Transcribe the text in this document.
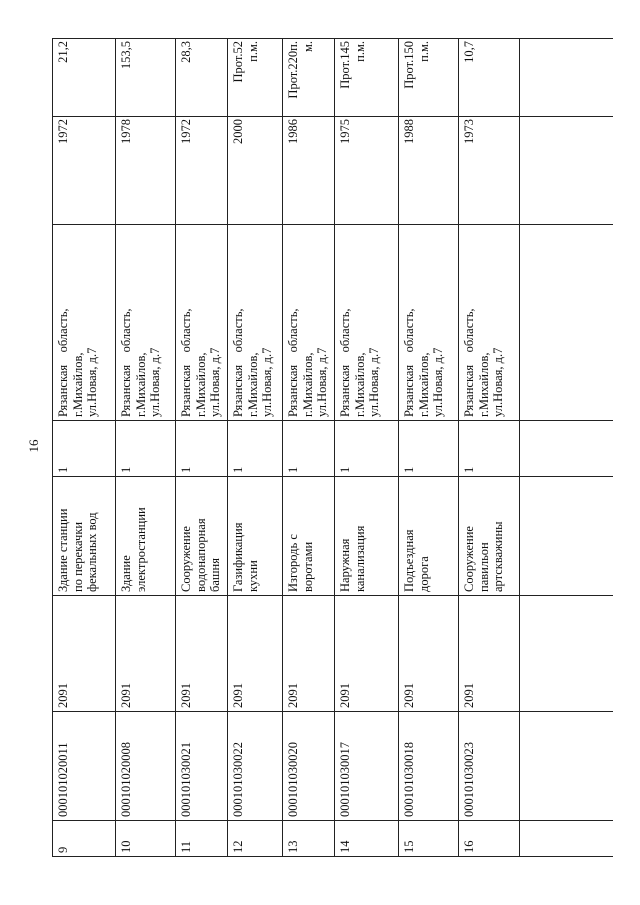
16
9
000101020011
2091
Здание станции
по перекачки
фекальных вод
1
Рязанская    область,
г.Михайлов,
ул.Новая, д.7
1972
21,2
10
000101020008
2091
Здание
электростанции
1
Рязанская    область,
г.Михайлов,
ул.Новая, д.7
1978
153,5
11
000101030021
2091
Сооружение
водонапорная
башня
1
Рязанская    область,
г.Михайлов,
ул.Новая, д.7
1972
28,3
12
000101030022
2091
Газификация
кухни
1
Рязанская    область,
г.Михайлов,
ул.Новая, д.7
2000
Прот.52
п.м.
13
000101030020
2091
Изгородь с
воротами
1
Рязанская    область,
г.Михайлов,
ул.Новая, д.7
1986
Прот.220п.
м.
14
000101030017
2091
Наружная
канализация
1
Рязанская    область,
г.Михайлов,
ул.Новая, д.7
1975
Прот.145
п.м.
15
000101030018
2091
Подъездная
дорога
1
Рязанская    область,
г.Михайлов,
ул.Новая, д.7
1988
Прот.150
п.м.
16
000101030023
2091
Сооружение
павильон
артскважины
1
Рязанская    область,
г.Михайлов,
ул.Новая, д.7
1973
10,7
